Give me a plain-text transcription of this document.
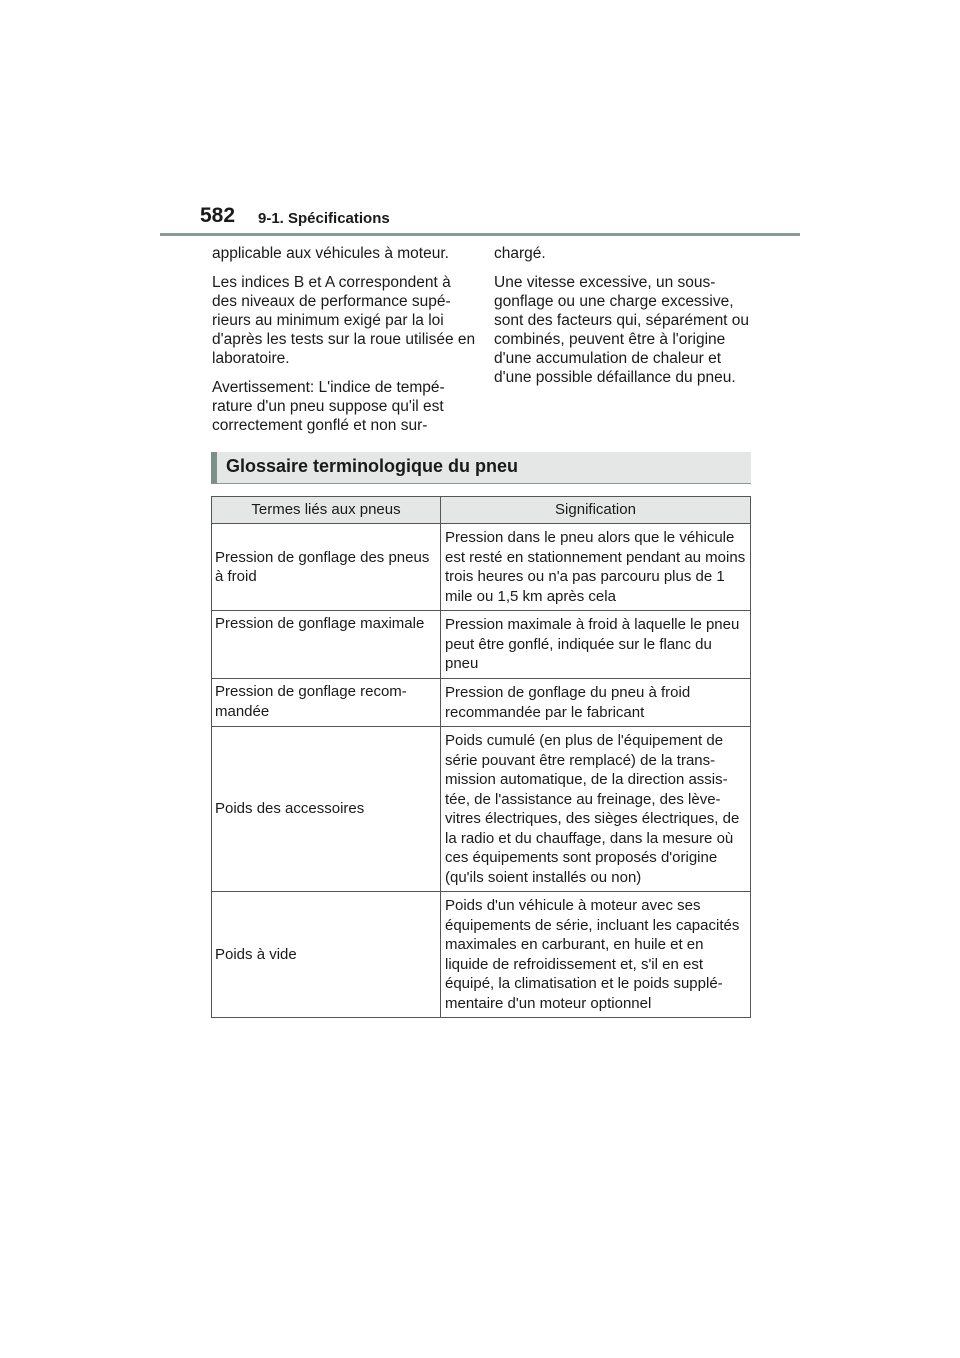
582 9-1. Spécifications

applicable aux véhicules à moteur.

Les indices B et A correspondent à des niveaux de performance supérieurs au minimum exigé par la loi d'après les tests sur la roue utilisée en laboratoire.

Avertissement: L'indice de température d'un pneu suppose qu'il est correctement gonflé et non sur-

chargé.

Une vitesse excessive, un sous-gonflage ou une charge excessive, sont des facteurs qui, séparément ou combinés, peuvent être à l'origine d'une accumulation de chaleur et d'une possible défaillance du pneu.

Glossaire terminologique du pneu
Termes liés aux pneus	Signification
Pression de gonflage des pneus à froid	Pression dans le pneu alors que le véhicule est resté en stationnement pendant au moins trois heures ou n'a pas parcouru plus de 1 mile ou 1,5 km après cela
Pression de gonflage maximale	Pression maximale à froid à laquelle le pneu peut être gonflé, indiquée sur le flanc du pneu
Pression de gonflage recommandée	Pression de gonflage du pneu à froid recommandée par le fabricant
Poids des accessoires	Poids cumulé (en plus de l'équipement de série pouvant être remplacé) de la transmission automatique, de la direction assistée, de l'assistance au freinage, des lève-vitres électriques, des sièges électriques, de la radio et du chauffage, dans la mesure où ces équipements sont proposés d'origine (qu'ils soient installés ou non)
Poids à vide	Poids d'un véhicule à moteur avec ses équipements de série, incluant les capacités maximales en carburant, en huile et en liquide de refroidissement et, s'il en est équipé, la climatisation et le poids supplémentaire d'un moteur optionnel
